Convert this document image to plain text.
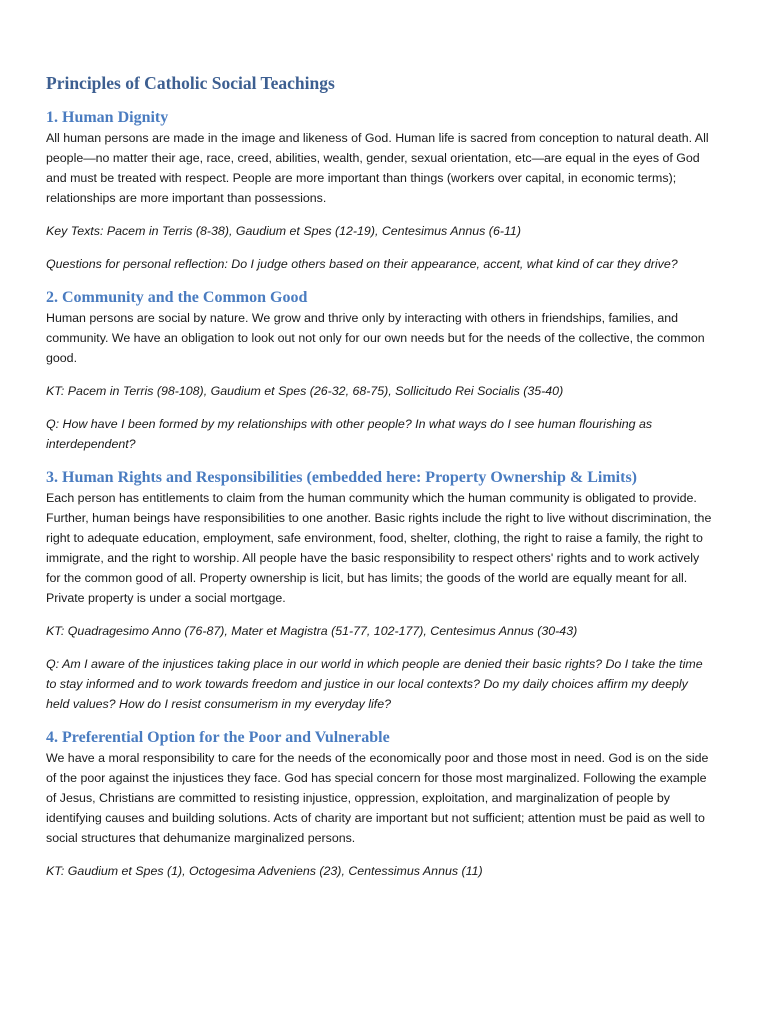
Principles of Catholic Social Teachings
1. Human Dignity

All human persons are made in the image and likeness of God. Human life is sacred from conception to natural death. All people—no matter their age, race, creed, abilities, wealth, gender, sexual orientation, etc—are equal in the eyes of God and must be treated with respect. People are more important than things (workers over capital, in economic terms); relationships are more important than possessions.

Key Texts: Pacem in Terris (8-38), Gaudium et Spes (12-19), Centesimus Annus (6-11)

Questions for personal reflection: Do I judge others based on their appearance, accent, what kind of car they drive?

2. Community and the Common Good

Human persons are social by nature. We grow and thrive only by interacting with others in friendships, families, and community. We have an obligation to look out not only for our own needs but for the needs of the collective, the common good.

KT: Pacem in Terris (98-108), Gaudium et Spes (26-32, 68-75), Sollicitudo Rei Socialis (35-40)

Q: How have I been formed by my relationships with other people? In what ways do I see human flourishing as interdependent?

3. Human Rights and Responsibilities (embedded here: Property Ownership & Limits)

Each person has entitlements to claim from the human community which the human community is obligated to provide. Further, human beings have responsibilities to one another. Basic rights include the right to live without discrimination, the right to adequate education, employment, safe environment, food, shelter, clothing, the right to raise a family, the right to immigrate, and the right to worship. All people have the basic responsibility to respect others' rights and to work actively for the common good of all. Property ownership is licit, but has limits; the goods of the world are equally meant for all. Private property is under a social mortgage.

KT: Quadragesimo Anno (76-87), Mater et Magistra (51-77, 102-177), Centesimus Annus (30-43)

Q: Am I aware of the injustices taking place in our world in which people are denied their basic rights? Do I take the time to stay informed and to work towards freedom and justice in our local contexts? Do my daily choices affirm my deeply held values? How do I resist consumerism in my everyday life?

4. Preferential Option for the Poor and Vulnerable

We have a moral responsibility to care for the needs of the economically poor and those most in need. God is on the side of the poor against the injustices they face. God has special concern for those most marginalized. Following the example of Jesus, Christians are committed to resisting injustice, oppression, exploitation, and marginalization of people by identifying causes and building solutions. Acts of charity are important but not sufficient; attention must be paid as well to social structures that dehumanize marginalized persons.

KT: Gaudium et Spes (1), Octogesima Adveniens (23), Centessimus Annus (11)
